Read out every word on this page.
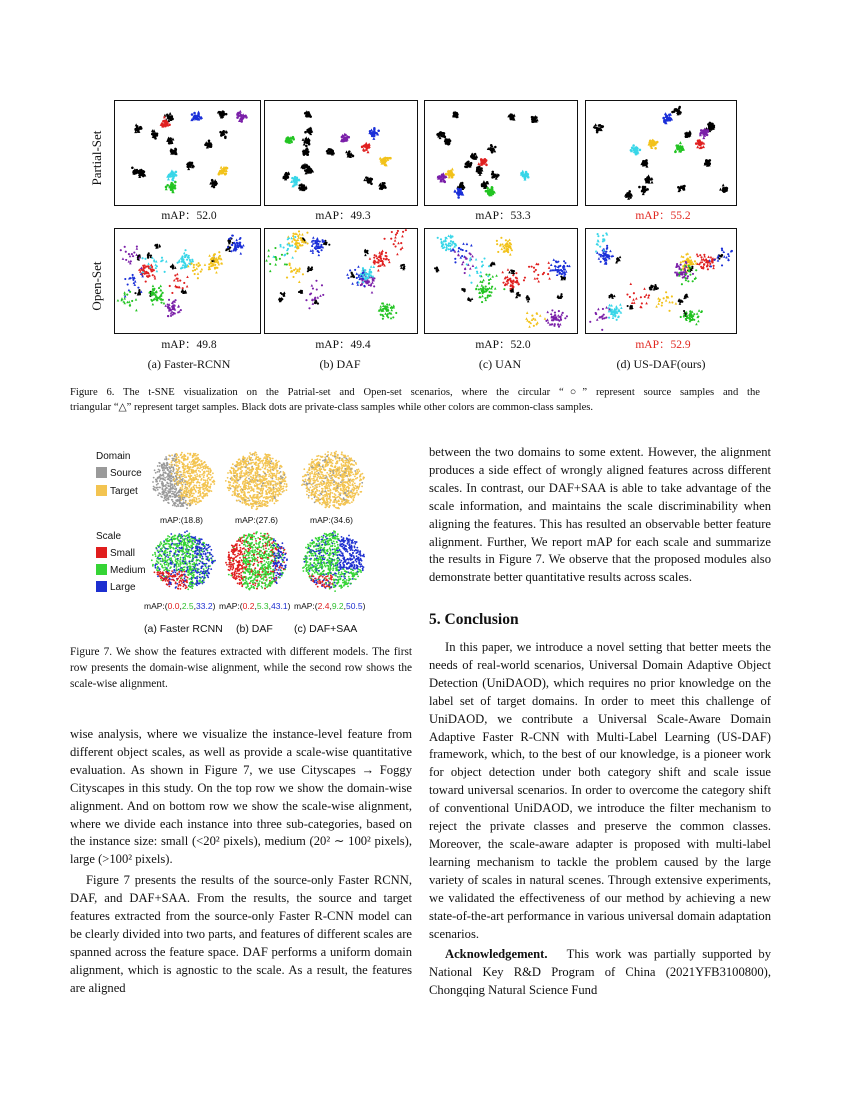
Partial-Set
Open-Set
mAP：52.0	mAP：49.3	mAP：53.3	mAP：55.2
mAP：49.8	mAP：49.4	mAP：52.0	mAP：52.9
(a) Faster-RCNN	(b) DAF	(c) UAN	(d) US-DAF(ours)
Figure 6. The t-SNE visualization on the Patrial-set and Open-set scenarios, where the circular “○” represent source samples and the
triangular “△” represent target samples. Black dots are private-class samples while other colors are common-class samples.
Domain
Source
Target
Scale
Small
Medium
Large
mAP:(18.8)	mAP:(27.6)	mAP:(34.6)
mAP:(0.0,2.5,33.2) mAP:(0.2,5.3,43.1) mAP:(2.4,9.2,50.5)
(a) Faster RCNN (b) DAF (c) DAF+SAA
Figure 7. We show the features extracted with different models. The first row presents the domain-wise alignment, while the second row shows the scale-wise alignment.

wise analysis, where we visualize the instance-level feature from different object scales, as well as provide a scale-wise quantitative evaluation. As shown in Figure 7, we use Cityscapes → Foggy Cityscapes in this study. On the top row we show the domain-wise alignment. And on bottom row we show the scale-wise alignment, where we divide each instance into three sub-categories, based on the instance size: small (<20² pixels), medium (20² ∼ 100² pixels), large (>100² pixels).

Figure 7 presents the results of the source-only Faster RCNN, DAF, and DAF+SAA. From the results, the source and target features extracted from the source-only Faster R-CNN model can be clearly divided into two parts, and features of different scales are spanned across the feature space. DAF performs a uniform domain alignment, which is agnostic to the scale. As a result, the features are aligned

between the two domains to some extent. However, the alignment produces a side effect of wrongly aligned features across different scales. In contrast, our DAF+SAA is able to take advantage of the scale information, and maintains the scale discriminability when aligning the features. This has resulted an observable better feature alignment. Further, We report mAP for each scale and summarize the results in Figure 7. We observe that the proposed modules also demonstrate better quantitative results across scales.

5. Conclusion

In this paper, we introduce a novel setting that better meets the needs of real-world scenarios, Universal Domain Adaptive Object Detection (UniDAOD), which requires no prior knowledge on the label set of target domains. In order to meet this challenge of UniDAOD, we contribute a Universal Scale-Aware Domain Adaptive Faster R-CNN with Multi-Label Learning (US-DAF) framework, which, to the best of our knowledge, is a pioneer work for object detection under both category shift and scale issue toward universal scenarios. In order to overcome the category shift of conventional UniDAOD, we introduce the filter mechanism to reject the private classes and preserve the common classes. Moreover, the scale-aware adapter is proposed with multi-label learning mechanism to tackle the problem caused by the large variety of scales in natural scenes. Through extensive experiments, we validated the effectiveness of our method by achieving a new state-of-the-art performance in various universal domain adaptation scenarios.

Acknowledgement. This work was partially supported by National Key R&D Program of China (2021YFB3100800), Chongqing Natural Science Fund
